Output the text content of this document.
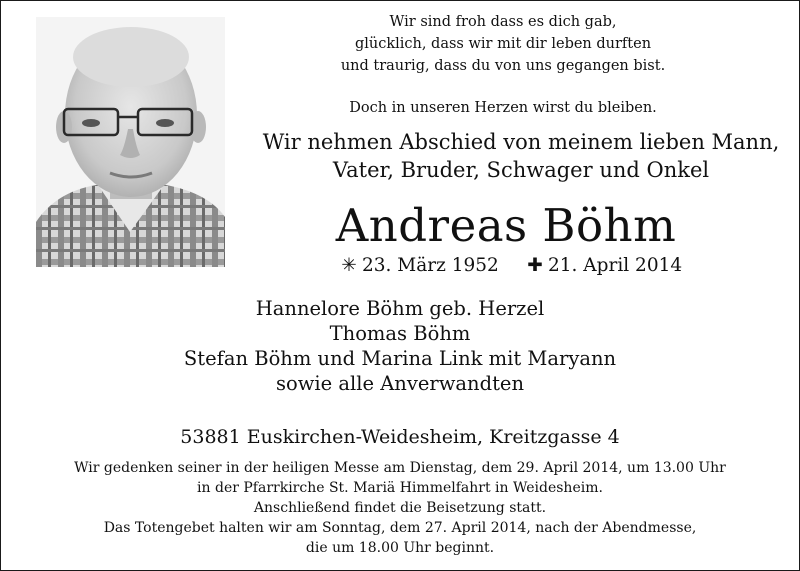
Wir sind froh dass es dich gab,
glücklich, dass wir mit dir leben durften
und traurig, dass du von uns gegangen bist.
Doch in unseren Herzen wirst du bleiben.
Wir nehmen Abschied von meinem lieben Mann,
Vater, Bruder, Schwager und Onkel
Andreas Böhm
✳ 23. März 1952 ✚ 21. April 2014
Hannelore Böhm geb. Herzel
Thomas Böhm
Stefan Böhm und Marina Link mit Maryann
sowie alle Anverwandten
53881 Euskirchen-Weidesheim, Kreitzgasse 4
Wir gedenken seiner in der heiligen Messe am Dienstag, dem 29. April 2014, um 13.00 Uhr
in der Pfarrkirche St. Mariä Himmelfahrt in Weidesheim.
Anschließend findet die Beisetzung statt.
Das Totengebet halten wir am Sonntag, dem 27. April 2014, nach der Abendmesse,
die um 18.00 Uhr beginnt.
